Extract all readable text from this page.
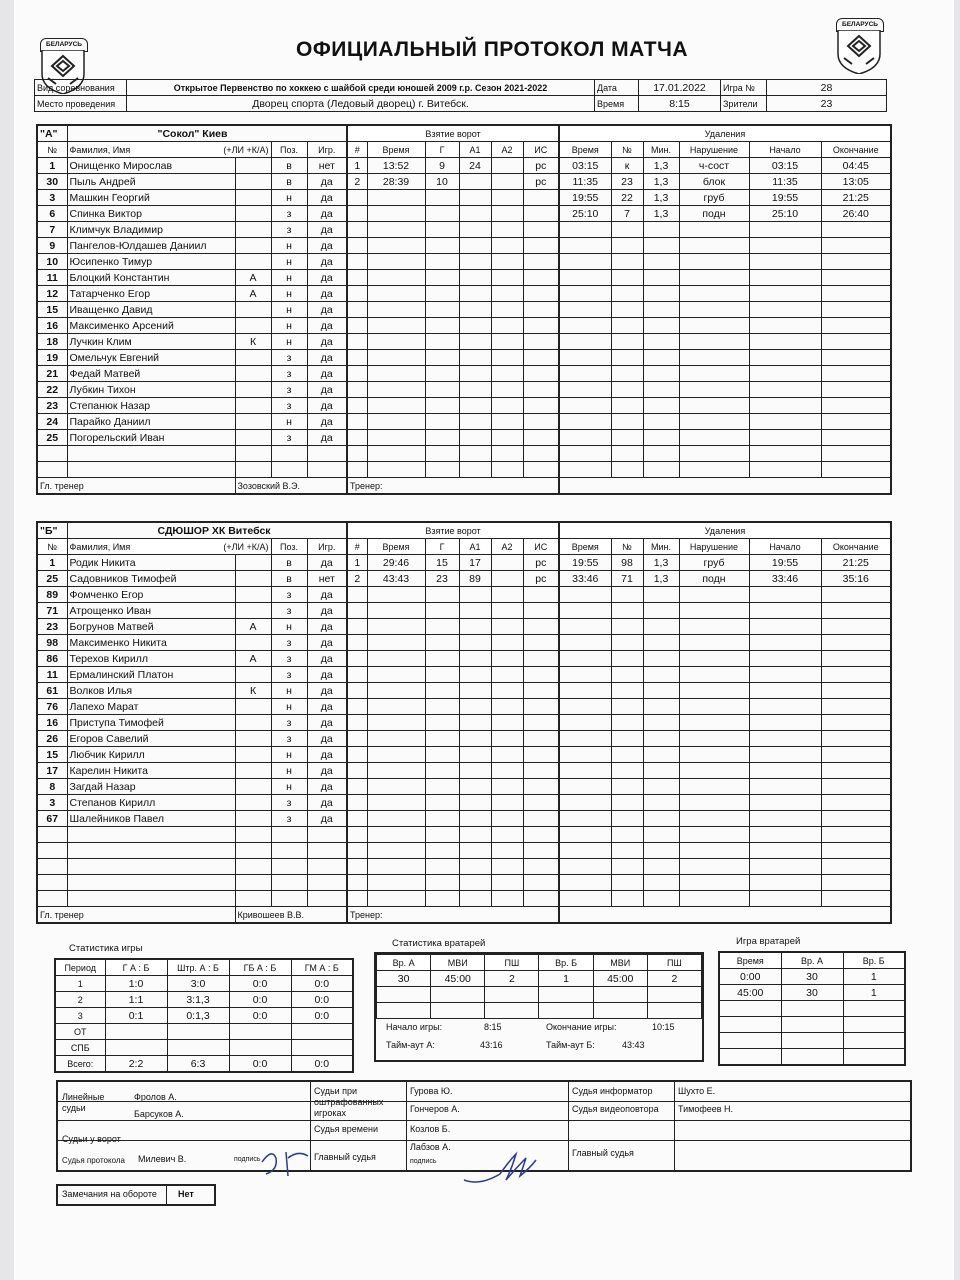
БЕЛАРУСЬ
БЕЛАРУСЬ
ОФИЦИАЛЬНЫЙ ПРОТОКОЛ МАТЧА
Вид соревнования	Открытое Первенство по хоккею с шайбой среди юношей 2009 г.р. Сезон 2021-2022	Дата	17.01.2022	Игра №	28
Место проведения	Дворец спорта (Ледовый дворец) г. Витебск.	Время	8:15	Зрители	23
"А"	"Сокол" Киев			
№	Фамилия, Имя (+ЛИ +К/А)		Поз.	Игр.
1	Онищенко Мирослав		в	нет
30	Пыль Андрей		в	да
3	Машкин Георгий		н	да
6	Спинка Виктор		з	да
7	Климчук Владимир		з	да
9	Пангелов-Юлдашев Даниил		н	да
10	Юсипенко Тимур		н	да
11	Блоцкий Константин	А	н	да
12	Татарченко Егор	А	н	да
15	Иващенко Давид		н	да
16	Максименко Арсений		н	да
18	Лучкин Клим	К	н	да
19	Омельчук Евгений		з	да
21	Федай Матвей		з	да
22	Лубкин Тихон		з	да
23	Степанюк Назар		з	да
24	Парайко Даниил		н	да
25	Погорельский Иван		з	да

Гл. тренер		Зозовский В.Э.		
Взятие ворот					
#	Время	Г	А1	А2	ИС
1	13:52	9	24		рс
2	28:39	10			рс

Тренер:					
Удаления					
Время	№	Мин.	Нарушение	Начало	Окончание
03:15	к	1,3	ч-сост	03:15	04:45
11:35	23	1,3	блок	11:35	13:05
19:55	22	1,3	груб	19:55	21:25
25:10	7	1,3	подн	25:10	26:40

"Б"	СДЮШОР ХК Витебск			
№	Фамилия, Имя (+ЛИ +К/А)		Поз.	Игр.
1	Родик Никита		в	да
25	Садовников Тимофей		в	нет
89	Фомченко Егор		з	да
71	Атрощенко Иван		з	да
23	Богрунов Матвей	А	н	да
98	Максименко Никита		з	да
86	Терехов Кирилл	А	з	да
11	Ермалинский Платон		з	да
61	Волков Илья	К	н	да
76	Лапехо Марат		н	да
16	Приступа Тимофей		з	да
26	Егоров Савелий		з	да
15	Любчик Кирилл		н	да
17	Карелин Никита		н	да
8	Загдай Назар		н	да
3	Степанов Кирилл		з	да
67	Шалейников Павел		з	да

Гл. тренер		Кривошеев В.В.		
Взятие ворот					
#	Время	Г	А1	А2	ИС
1	29:46	15	17		рс
2	43:43	23	89		рс

Тренер:					
Удаления					
Время	№	Мин.	Нарушение	Начало	Окончание
19:55	98	1,3	груб	19:55	21:25
33:46	71	1,3	подн	33:46	35:16

Статистика игры
Период	Г А : Б	Штр. А : Б	ГБ А : Б	ГМ А : Б
1	1:0	3:0	0:0	0:0
2	1:1	3:1,3	0:0	0:0
3	0:1	0:1,3	0:0	0:0
ОТ				
СПБ				
Всего:	2:2	6:3	0:0	0:0
Статистика вратарей
Вр. А	МВИ	ПШ	Вр. Б	МВИ	ПШ
30	45:00	2	1	45:00	2

Начало игры:	8:15	Окончание игры:	10:15
Тайм-аут А:	43:16	Тайм-аут Б:	43:43
Игра вратарей
Время	Вр. А	Вр. Б
0:00	30	1
45:00	30	1

Линейные судьи
Фролов А.
Барсуков А.
Судьи у ворот
Судья протокола Милевич В.	подпись
Судьи при оштрафованных игроках
Гурова Ю.
Гончеров А.
Судья времени	Козлов Б.
Главный судья
Лабзов А.
подпись
Судья информатор	Шухто Е.
Судья видеоповтора Тимофеев Н.
Главный судья
Замечания на обороте Нет
